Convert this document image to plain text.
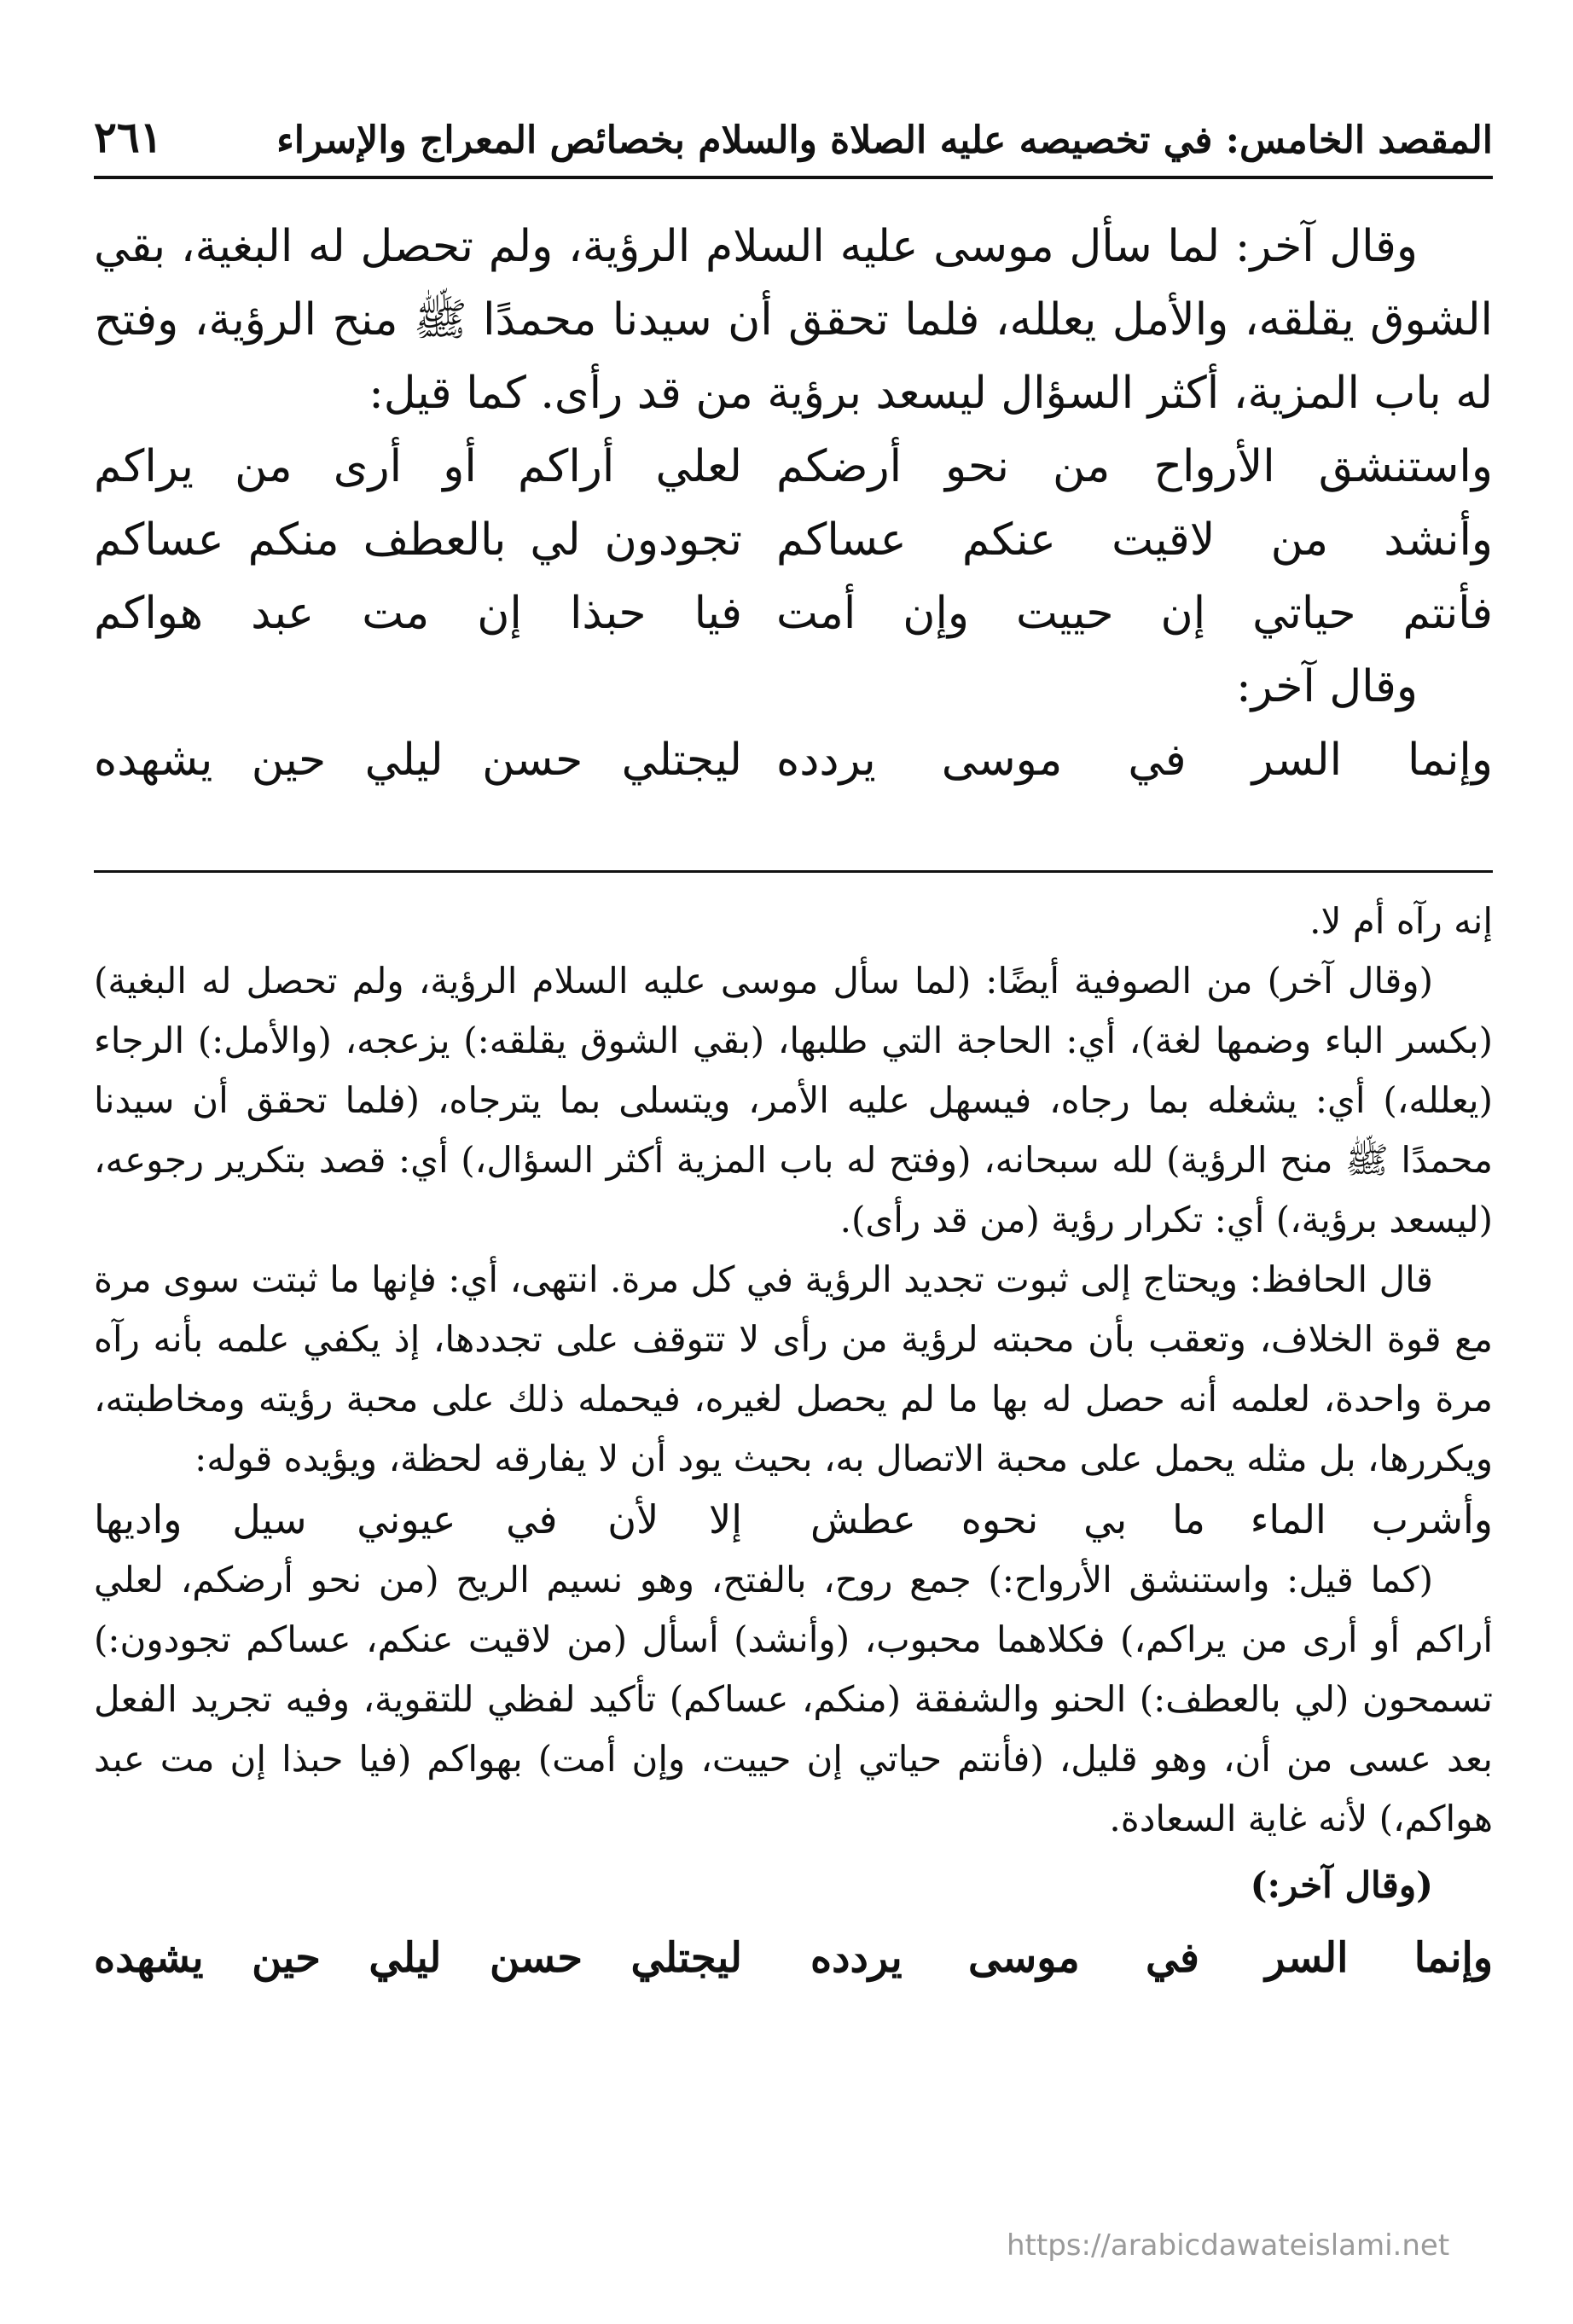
المقصد الخامس: في تخصيصه عليه الصلاة والسلام بخصائص المعراج والإسراء
٢٦١

وقال آخر: لما سأل موسى عليه السلام الرؤية، ولم تحصل له البغية، بقي الشوق يقلقه، والأمل يعلله، فلما تحقق أن سيدنا محمدًا ﷺ منح الرؤية، وفتح له باب المزية، أكثر السؤال ليسعد برؤية من قد رأى. كما قيل:

واستنشق الأرواح من نحو أرضكم
لعلي أراكم أو أرى من يراكم
وأنشد من لاقيت عنكم عساكم
تجودون لي بالعطف منكم عساكم
فأنتم حياتي إن حييت وإن أمت
فيا حبذا إن مت عبد هواكم

وقال آخر:

وإنما السر في موسى يردده
ليجتلي حسن ليلي حين يشهده

إنه رآه أم لا.

(وقال آخر) من الصوفية أيضًا: (لما سأل موسى عليه السلام الرؤية، ولم تحصل له البغية) (بكسر الباء وضمها لغة)، أي: الحاجة التي طلبها، (بقي الشوق يقلقه:) يزعجه، (والأمل:) الرجاء (يعلله،) أي: يشغله بما رجاه، فيسهل عليه الأمر، ويتسلى بما يترجاه، (فلما تحقق أن سيدنا محمدًا ﷺ منح الرؤية) لله سبحانه، (وفتح له باب المزية أكثر السؤال،) أي: قصد بتكرير رجوعه، (ليسعد برؤية،) أي: تكرار رؤية (من قد رأى).

قال الحافظ: ويحتاج إلى ثبوت تجديد الرؤية في كل مرة. انتهى، أي: فإنها ما ثبتت سوى مرة مع قوة الخلاف، وتعقب بأن محبته لرؤية من رأى لا تتوقف على تجددها، إذ يكفي علمه بأنه رآه مرة واحدة، لعلمه أنه حصل له بها ما لم يحصل لغيره، فيحمله ذلك على محبة رؤيته ومخاطبته، ويكررها، بل مثله يحمل على محبة الاتصال به، بحيث يود أن لا يفارقه لحظة، ويؤيده قوله:

وأشرب الماء ما بي نحوه عطش
إلا لأن في عيوني سيل واديها

(كما قيل: واستنشق الأرواح:) جمع روح، بالفتح، وهو نسيم الريح (من نحو أرضكم، لعلي أراكم أو أرى من يراكم،) فكلاهما محبوب، (وأنشد) أسأل (من لاقيت عنكم، عساكم تجودون:) تسمحون (لي بالعطف:) الحنو والشفقة (منكم، عساكم) تأكيد لفظي للتقوية، وفيه تجريد الفعل بعد عسى من أن، وهو قليل، (فأنتم حياتي إن حييت، وإن أمت) بهواكم (فيا حبذا إن مت عبد هواكم،) لأنه غاية السعادة.

(وقال آخر:)

وإنما السر في موسى يردده
ليجتلي حسن ليلي حين يشهده
https://arabicdawateislami.net
